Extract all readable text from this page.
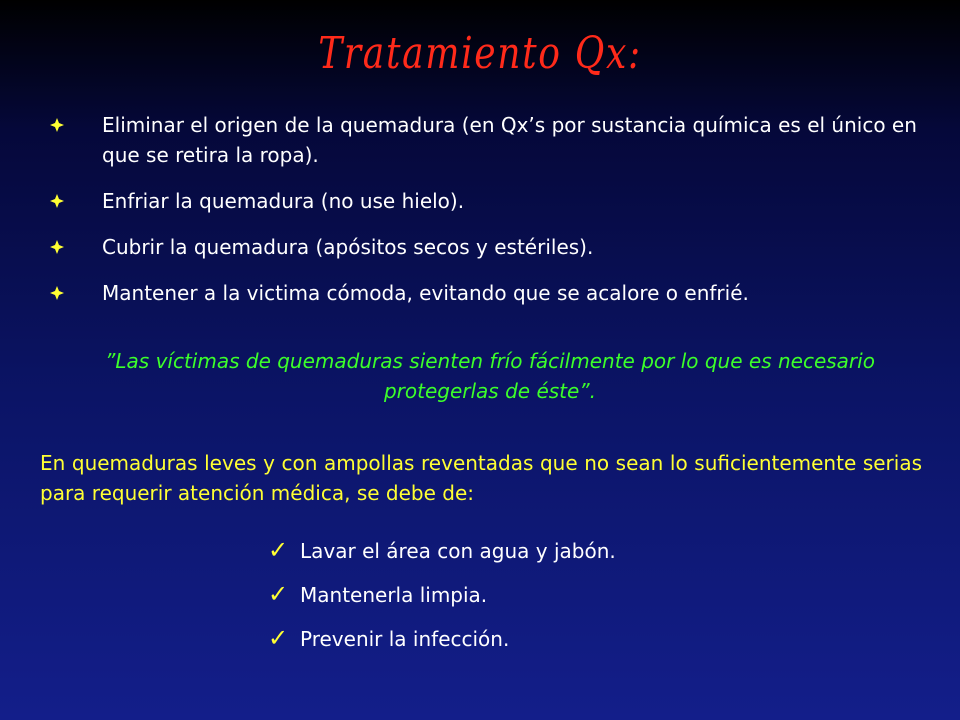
Tratamiento Qx:
Eliminar el origen de la quemadura (en Qx’s por sustancia química es el único en que se retira la ropa).
Enfriar la quemadura (no use hielo).
Cubrir la quemadura (apósitos secos y estériles).
Mantener a la victima cómoda, evitando que se acalore o enfrié.
”Las víctimas de quemaduras sienten frío fácilmente por lo que es necesario protegerlas de éste”.
En quemaduras leves y con ampollas reventadas que no sean lo suficientemente serias para requerir atención médica, se debe de:
✓ Lavar el área con agua y jabón.
✓ Mantenerla limpia.
✓ Prevenir la infección.
